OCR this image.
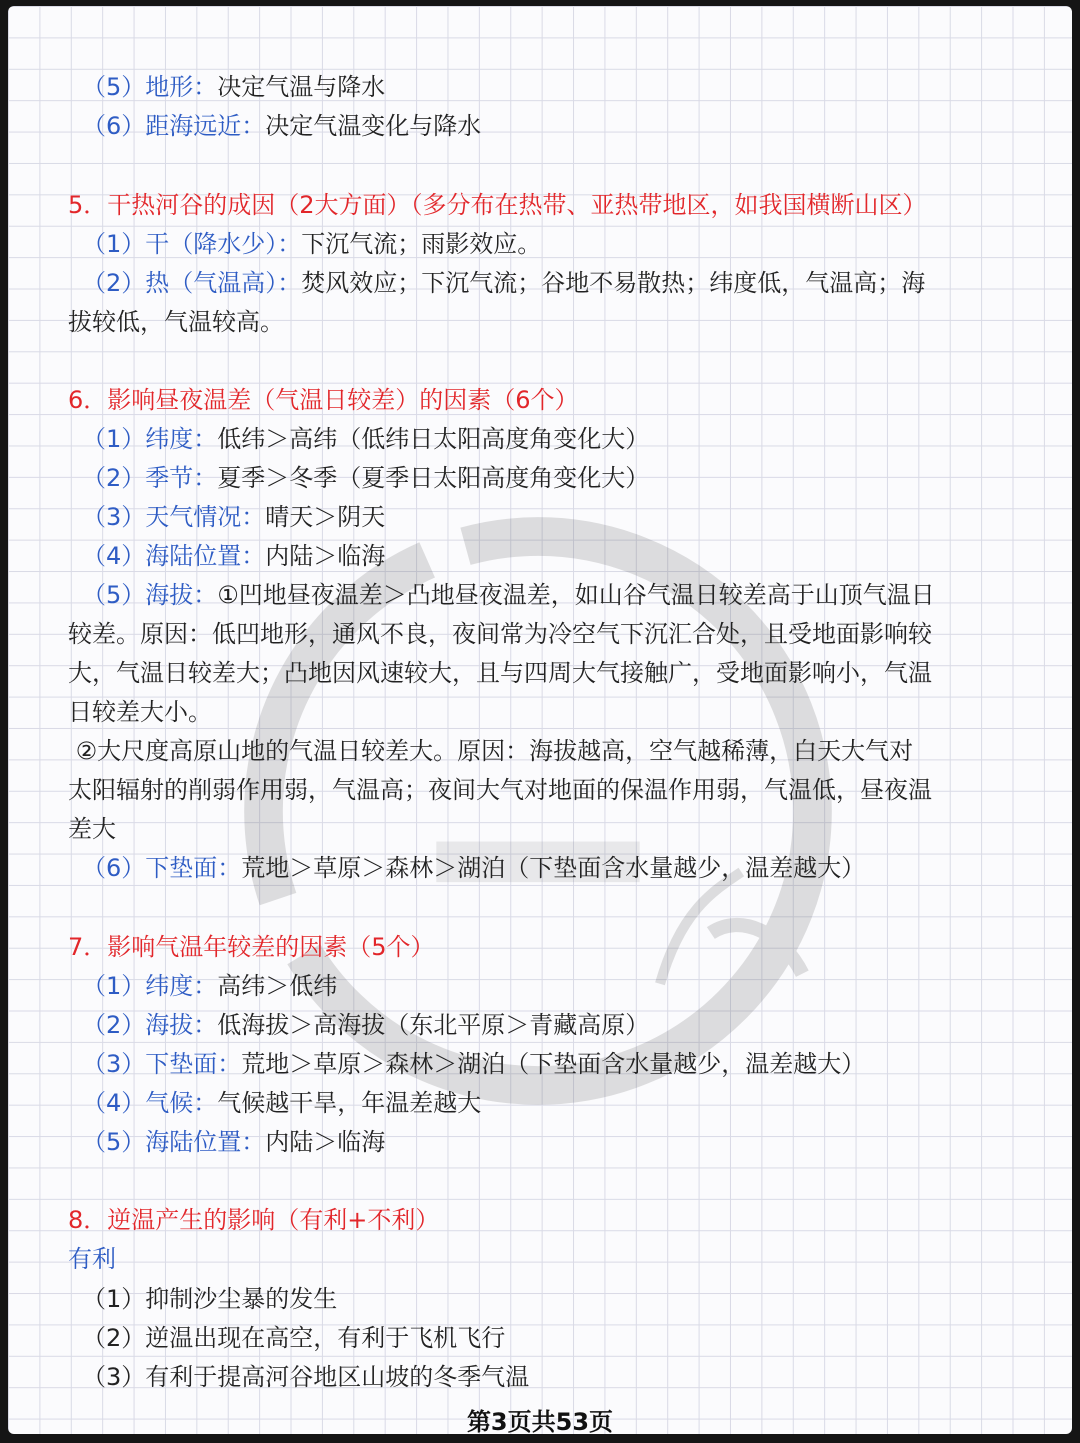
（5）地形：决定气温与降水
（6）距海远近：决定气温变化与降水
5．干热河谷的成因（2大方面）（多分布在热带、亚热带地区，如我国横断山区）
（1）干（降水少）：下沉气流；雨影效应。
（2）热（气温高）：焚风效应；下沉气流；谷地不易散热；纬度低，气温高；海
拔较低，气温较高。
6．影响昼夜温差（气温日较差）的因素（6个）
（1）纬度：低纬＞高纬（低纬日太阳高度角变化大）
（2）季节：夏季＞冬季（夏季日太阳高度角变化大）
（3）天气情况：晴天＞阴天
（4）海陆位置：内陆＞临海
（5）海拔：①凹地昼夜温差＞凸地昼夜温差，如山谷气温日较差高于山顶气温日
较差。原因：低凹地形，通风不良，夜间常为冷空气下沉汇合处，且受地面影响较
大，气温日较差大；凸地因风速较大，且与四周大气接触广，受地面影响小，气温
日较差大小。
②大尺度高原山地的气温日较差大。原因：海拔越高，空气越稀薄，白天大气对
太阳辐射的削弱作用弱，气温高；夜间大气对地面的保温作用弱，气温低，昼夜温
差大
（6）下垫面：荒地＞草原＞森林＞湖泊（下垫面含水量越少，温差越大）
7．影响气温年较差的因素（5个）
（1）纬度：高纬＞低纬
（2）海拔：低海拔＞高海拔（东北平原＞青藏高原）
（3）下垫面：荒地＞草原＞森林＞湖泊（下垫面含水量越少，温差越大）
（4）气候：气候越干旱，年温差越大
（5）海陆位置：内陆＞临海
8．逆温产生的影响（有利+不利）
有利
（1）抑制沙尘暴的发生
（2）逆温出现在高空，有利于飞机飞行
（3）有利于提高河谷地区山坡的冬季气温
第3页共53页
